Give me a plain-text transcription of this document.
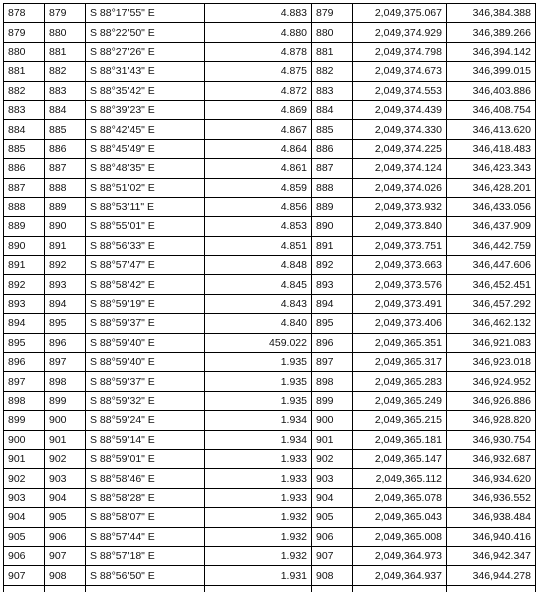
878	879	S 88°17'55" E	4.883	879	2,049,375.067	346,384.388
879	880	S 88°22'50" E	4.880	880	2,049,374.929	346,389.266
880	881	S 88°27'26" E	4.878	881	2,049,374.798	346,394.142
881	882	S 88°31'43" E	4.875	882	2,049,374.673	346,399.015
882	883	S 88°35'42" E	4.872	883	2,049,374.553	346,403.886
883	884	S 88°39'23" E	4.869	884	2,049,374.439	346,408.754
884	885	S 88°42'45" E	4.867	885	2,049,374.330	346,413.620
885	886	S 88°45'49" E	4.864	886	2,049,374.225	346,418.483
886	887	S 88°48'35" E	4.861	887	2,049,374.124	346,423.343
887	888	S 88°51'02" E	4.859	888	2,049,374.026	346,428.201
888	889	S 88°53'11" E	4.856	889	2,049,373.932	346,433.056
889	890	S 88°55'01" E	4.853	890	2,049,373.840	346,437.909
890	891	S 88°56'33" E	4.851	891	2,049,373.751	346,442.759
891	892	S 88°57'47" E	4.848	892	2,049,373.663	346,447.606
892	893	S 88°58'42" E	4.845	893	2,049,373.576	346,452.451
893	894	S 88°59'19" E	4.843	894	2,049,373.491	346,457.292
894	895	S 88°59'37" E	4.840	895	2,049,373.406	346,462.132
895	896	S 88°59'40" E	459.022	896	2,049,365.351	346,921.083
896	897	S 88°59'40" E	1.935	897	2,049,365.317	346,923.018
897	898	S 88°59'37" E	1.935	898	2,049,365.283	346,924.952
898	899	S 88°59'32" E	1.935	899	2,049,365.249	346,926.886
899	900	S 88°59'24" E	1.934	900	2,049,365.215	346,928.820
900	901	S 88°59'14" E	1.934	901	2,049,365.181	346,930.754
901	902	S 88°59'01" E	1.933	902	2,049,365.147	346,932.687
902	903	S 88°58'46" E	1.933	903	2,049,365.112	346,934.620
903	904	S 88°58'28" E	1.933	904	2,049,365.078	346,936.552
904	905	S 88°58'07" E	1.932	905	2,049,365.043	346,938.484
905	906	S 88°57'44" E	1.932	906	2,049,365.008	346,940.416
906	907	S 88°57'18" E	1.932	907	2,049,364.973	346,942.347
907	908	S 88°56'50" E	1.931	908	2,049,364.937	346,944.278
